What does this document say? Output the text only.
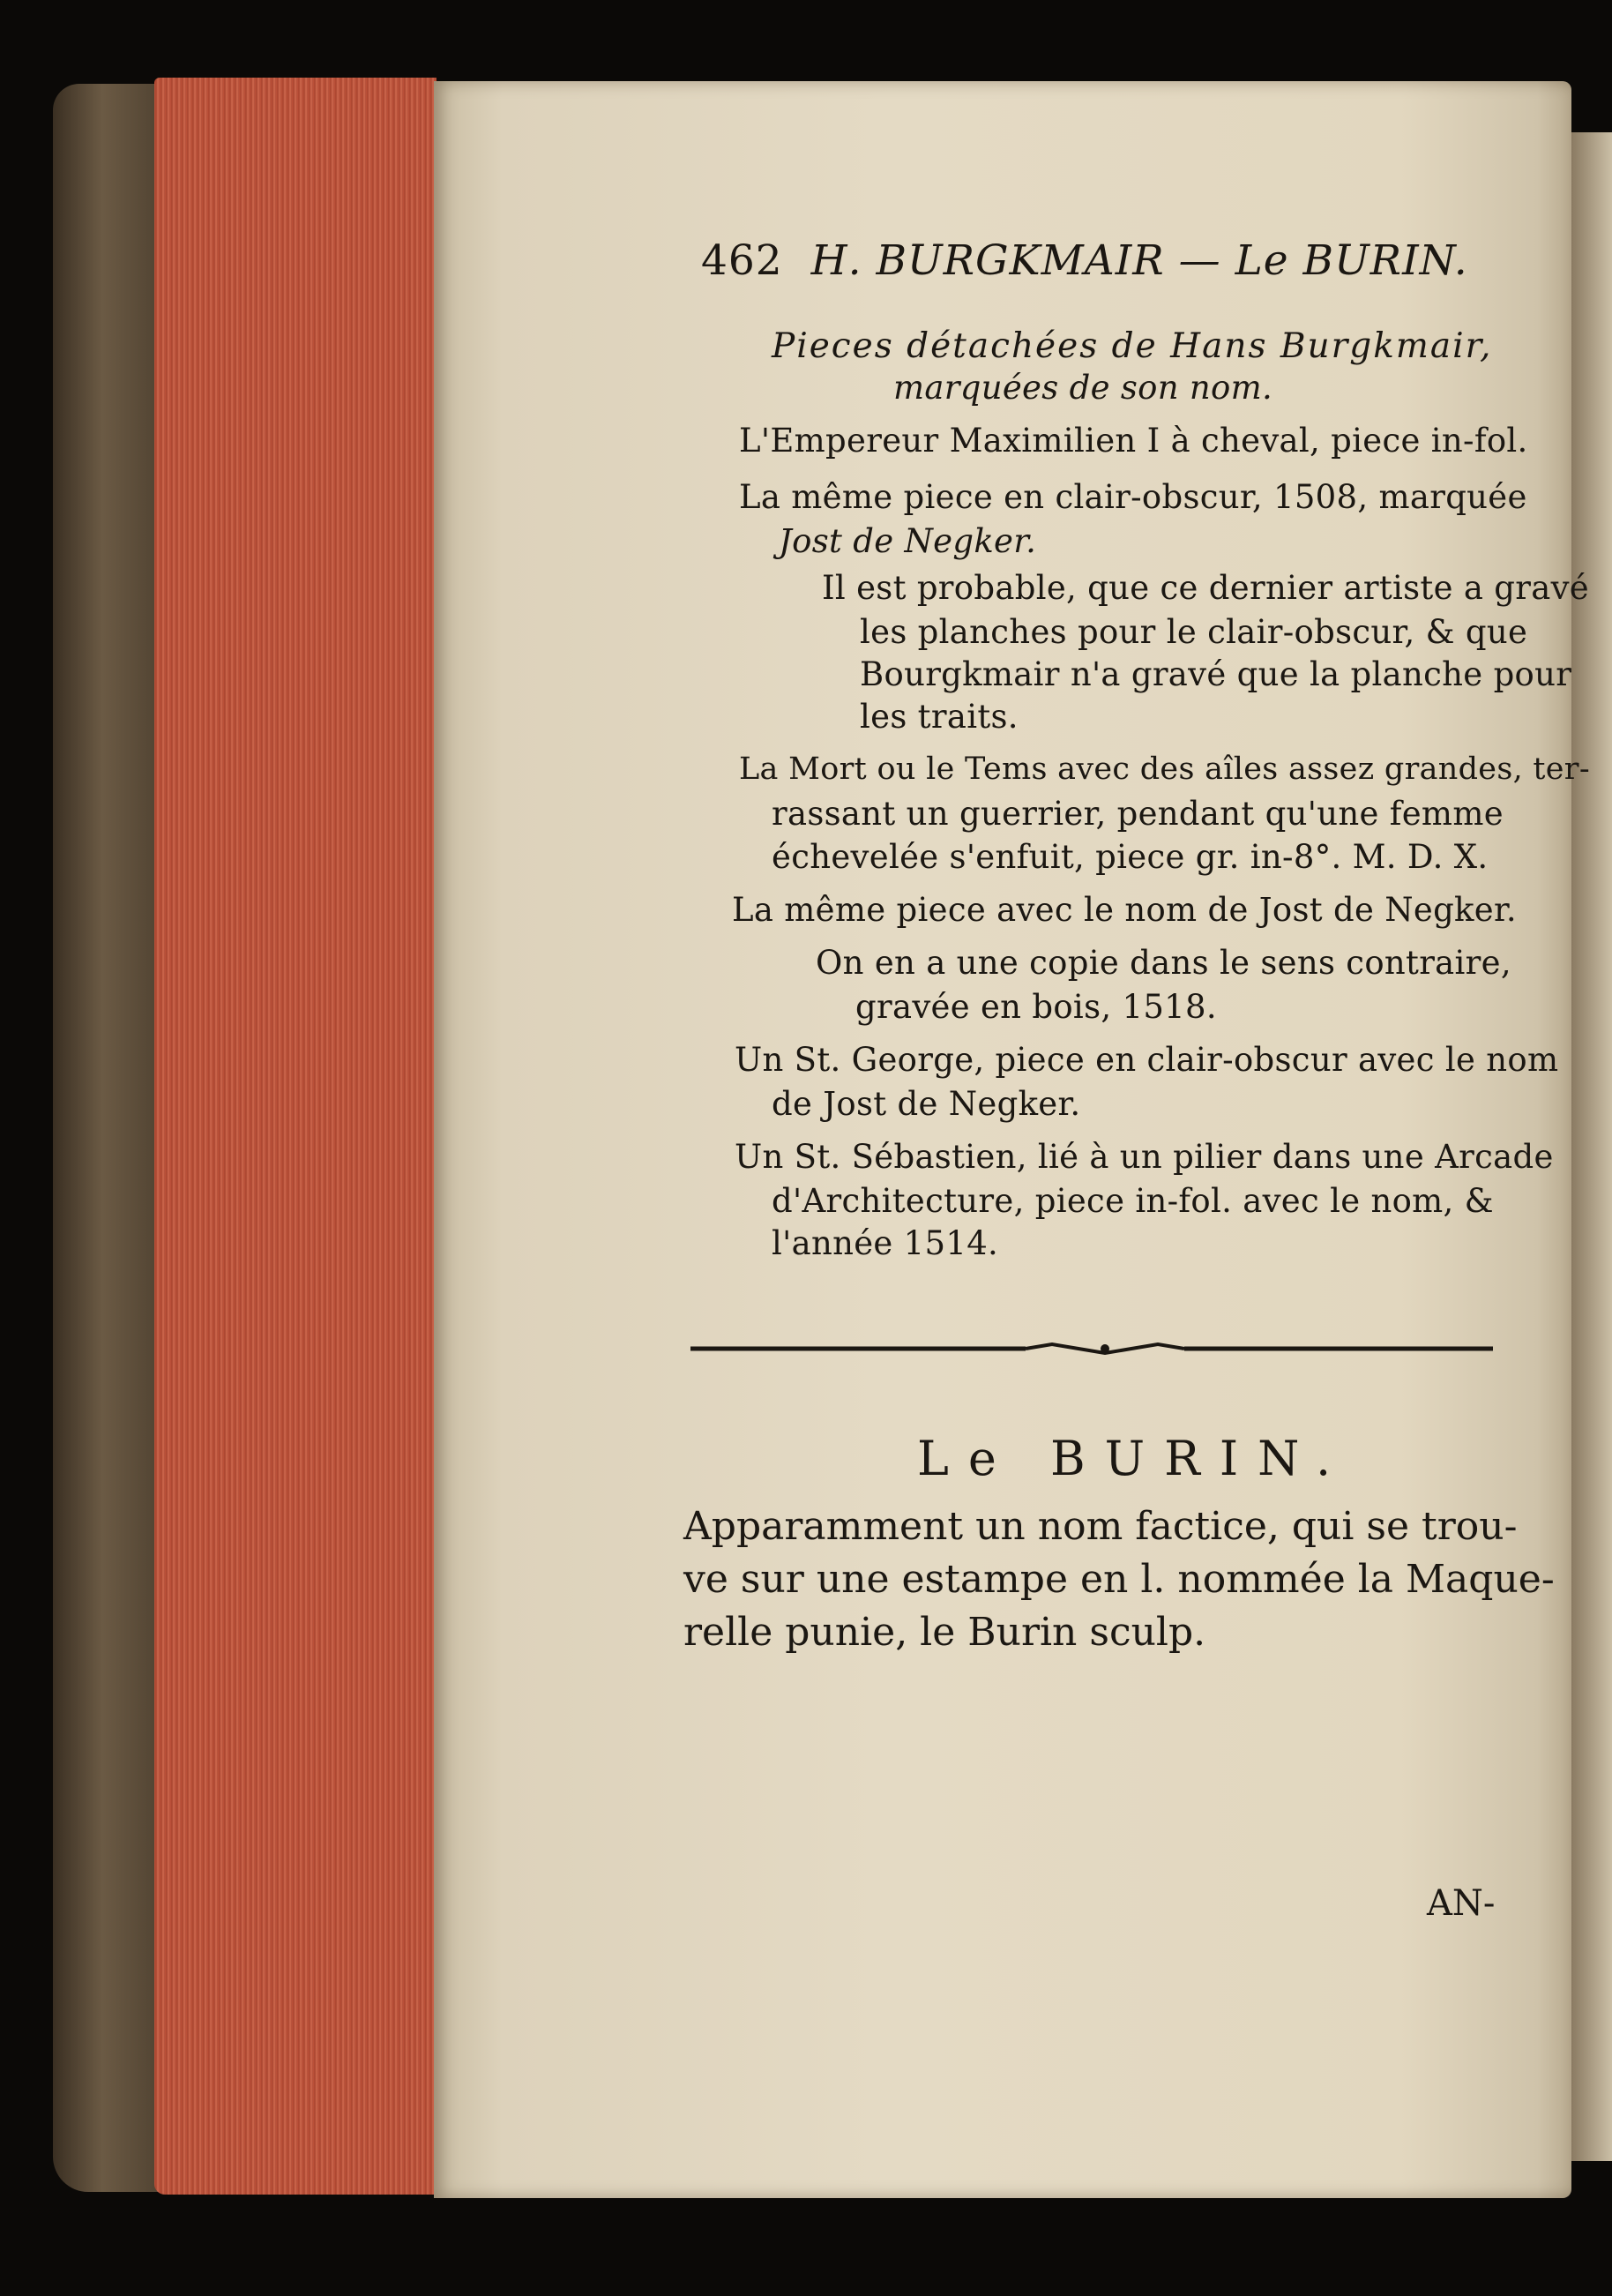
462 H. BURGKMAIR — Le BURIN.
Pieces détachées de Hans Burgkmair,
marquées de son nom.
L'Empereur Maximilien I à cheval, piece in-fol.
La même piece en clair-obscur, 1508, marquée
Jost de Negker.
Il est probable, que ce dernier artiste a gravé
les planches pour le clair-obscur, & que
Bourgkmair n'a gravé que la planche pour
les traits.
La Mort ou le Tems avec des aîles assez grandes, ter-
rassant un guerrier, pendant qu'une femme
échevelée s'enfuit, piece gr. in-8°. M. D. X.
La même piece avec le nom de Jost de Negker.
On en a une copie dans le sens contraire,
gravée en bois, 1518.
Un St. George, piece en clair-obscur avec le nom
de Jost de Negker.
Un St. Sébastien, lié à un pilier dans une Arcade
d'Architecture, piece in-fol. avec le nom, &
l'année 1514.
Le BURIN.
Apparamment un nom factice, qui se trou-
ve sur une estampe en l. nommée la Maque-
relle punie, le Burin sculp.
AN-
